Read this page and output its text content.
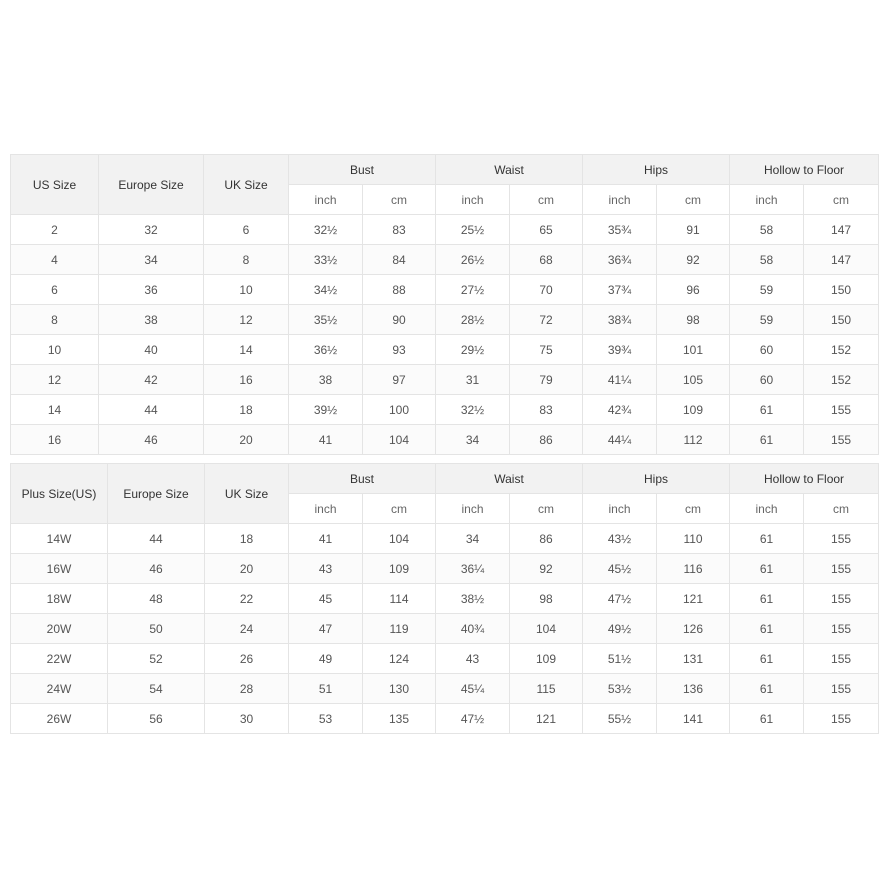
US Size	Europe Size	UK Size	Bust		Waist		Hips		Hollow to Floor	
			inch	cm	inch	cm	inch	cm	inch	cm
2	32	6	32½	83	25½	65	35¾	91	58	147
4	34	8	33½	84	26½	68	36¾	92	58	147
6	36	10	34½	88	27½	70	37¾	96	59	150
8	38	12	35½	90	28½	72	38¾	98	59	150
10	40	14	36½	93	29½	75	39¾	101	60	152
12	42	16	38	97	31	79	41¼	105	60	152
14	44	18	39½	100	32½	83	42¾	109	61	155
16	46	20	41	104	34	86	44¼	112	61	155
Plus Size(US)	Europe Size	UK Size	Bust		Waist		Hips		Hollow to Floor	
			inch	cm	inch	cm	inch	cm	inch	cm
14W	44	18	41	104	34	86	43½	110	61	155
16W	46	20	43	109	36¼	92	45½	116	61	155
18W	48	22	45	114	38½	98	47½	121	61	155
20W	50	24	47	119	40¾	104	49½	126	61	155
22W	52	26	49	124	43	109	51½	131	61	155
24W	54	28	51	130	45¼	115	53½	136	61	155
26W	56	30	53	135	47½	121	55½	141	61	155
